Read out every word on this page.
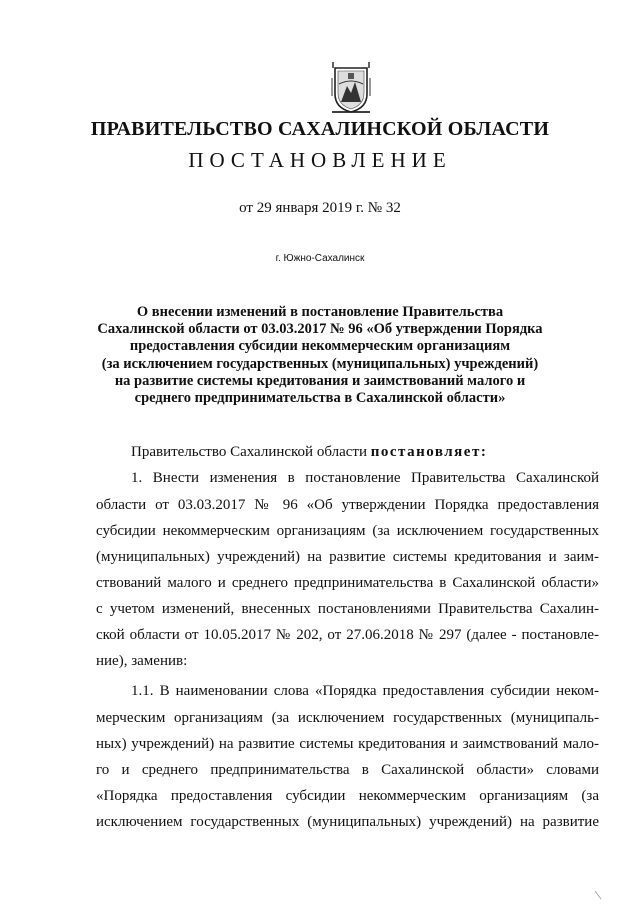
ПРАВИТЕЛЬСТВО САХАЛИНСКОЙ ОБЛАСТИ
ПОСТАНОВЛЕНИЕ
от 29 января 2019 г. № 32
г. Южно-Сахалинск
О внесении изменений в постановление Правительства
Сахалинской области от 03.03.2017 № 96 «Об утверждении Порядка
предоставления субсидии некоммерческим организациям
(за исключением государственных (муниципальных) учреждений)
на развитие системы кредитования и заимствований малого и
среднего предпринимательства в Сахалинской области»
Правительство Сахалинской области постановляет:
1. Внести изменения в постановление Правительства Сахалинской
области от 03.03.2017 № 96 «Об утверждении Порядка предоставления
субсидии некоммерческим организациям (за исключением государственных
(муниципальных) учреждений) на развитие системы кредитования и заим-
ствований малого и среднего предпринимательства в Сахалинской области»
с учетом изменений, внесенных постановлениями Правительства Сахалин-
ской области от 10.05.2017 № 202, от 27.06.2018 № 297 (далее - постановле-
ние), заменив:
1.1. В наименовании слова «Порядка предоставления субсидии неком-
мерческим организациям (за исключением государственных (муниципаль-
ных) учреждений) на развитие системы кредитования и заимствований мало-
го и среднего предпринимательства в Сахалинской области» словами
«Порядка предоставления субсидии некоммерческим организациям (за
исключением государственных (муниципальных) учреждений) на развитие
